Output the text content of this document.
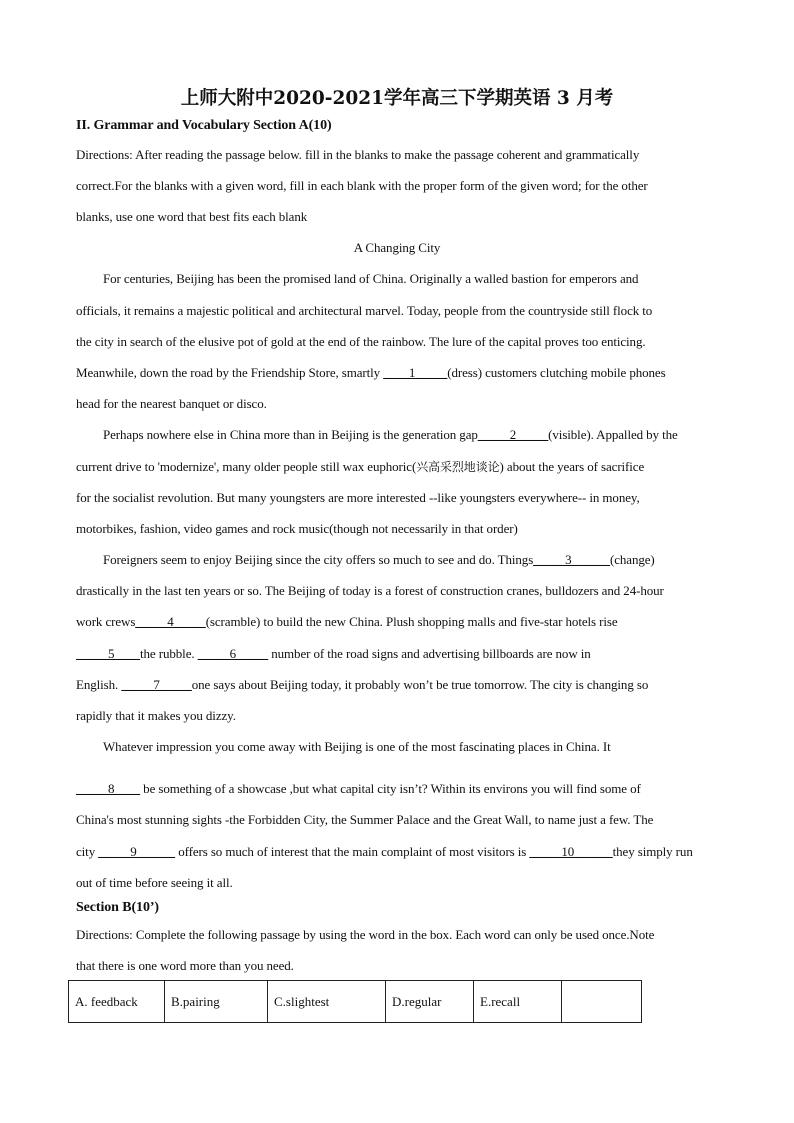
上师大附中2020-2021学年高三下学期英语 3 月考
II. Grammar and Vocabulary Section A(10)
Directions: After reading the passage below. fill in the blanks to make the passage coherent and grammatically
correct.For the blanks with a given word, fill in each blank with the proper form of the given word; for the other
blanks, use one word that best fits each blank
A Changing City
For centuries, Beijing has been the promised land of China. Originally a walled bastion for emperors and
officials, it remains a majestic political and architectural marvel. Today, people from the countryside still flock to
the city in search of the elusive pot of gold at the end of the rainbow. The lure of the capital proves too enticing.
Meanwhile, down the road by the Friendship Store, smartly ____1_____(dress) customers clutching mobile phones
head for the nearest banquet or disco.
Perhaps nowhere else in China more than in Beijing is the generation gap_____2_____(visible). Appalled by the
current drive to 'modernize', many older people still wax euphoric(兴高采烈地谈论) about the years of sacrifice
for the socialist revolution. But many youngsters are more interested --like youngsters everywhere-- in money,
motorbikes, fashion, video games and rock music(though not necessarily in that order)
Foreigners seem to enjoy Beijing since the city offers so much to see and do. Things_____3______(change)
drastically in the last ten years or so. The Beijing of today is a forest of construction cranes, bulldozers and 24-hour
work crews_____4_____(scramble) to build the new China. Plush shopping malls and five-star hotels rise
_____5____the rubble. _____6_____ number of the road signs and advertising billboards are now in
English. _____7_____one says about Beijing today, it probably won’t be true tomorrow. The city is changing so
rapidly that it makes you dizzy.
Whatever impression you come away with Beijing is one of the most fascinating places in China. It
_____8____ be something of a showcase ,but what capital city isn’t? Within its environs you will find some of
China's most stunning sights -the Forbidden City, the Summer Palace and the Great Wall, to name just a few. The
city _____9______ offers so much of interest that the main complaint of most visitors is _____10______they simply run
out of time before seeing it all.
Section B(10’)
Directions: Complete the following passage by using the word in the box. Each word can only be used once.Note
that there is one word more than you need.
A. feedback	B.pairing	C.slightest	D.regular	E.recall	
